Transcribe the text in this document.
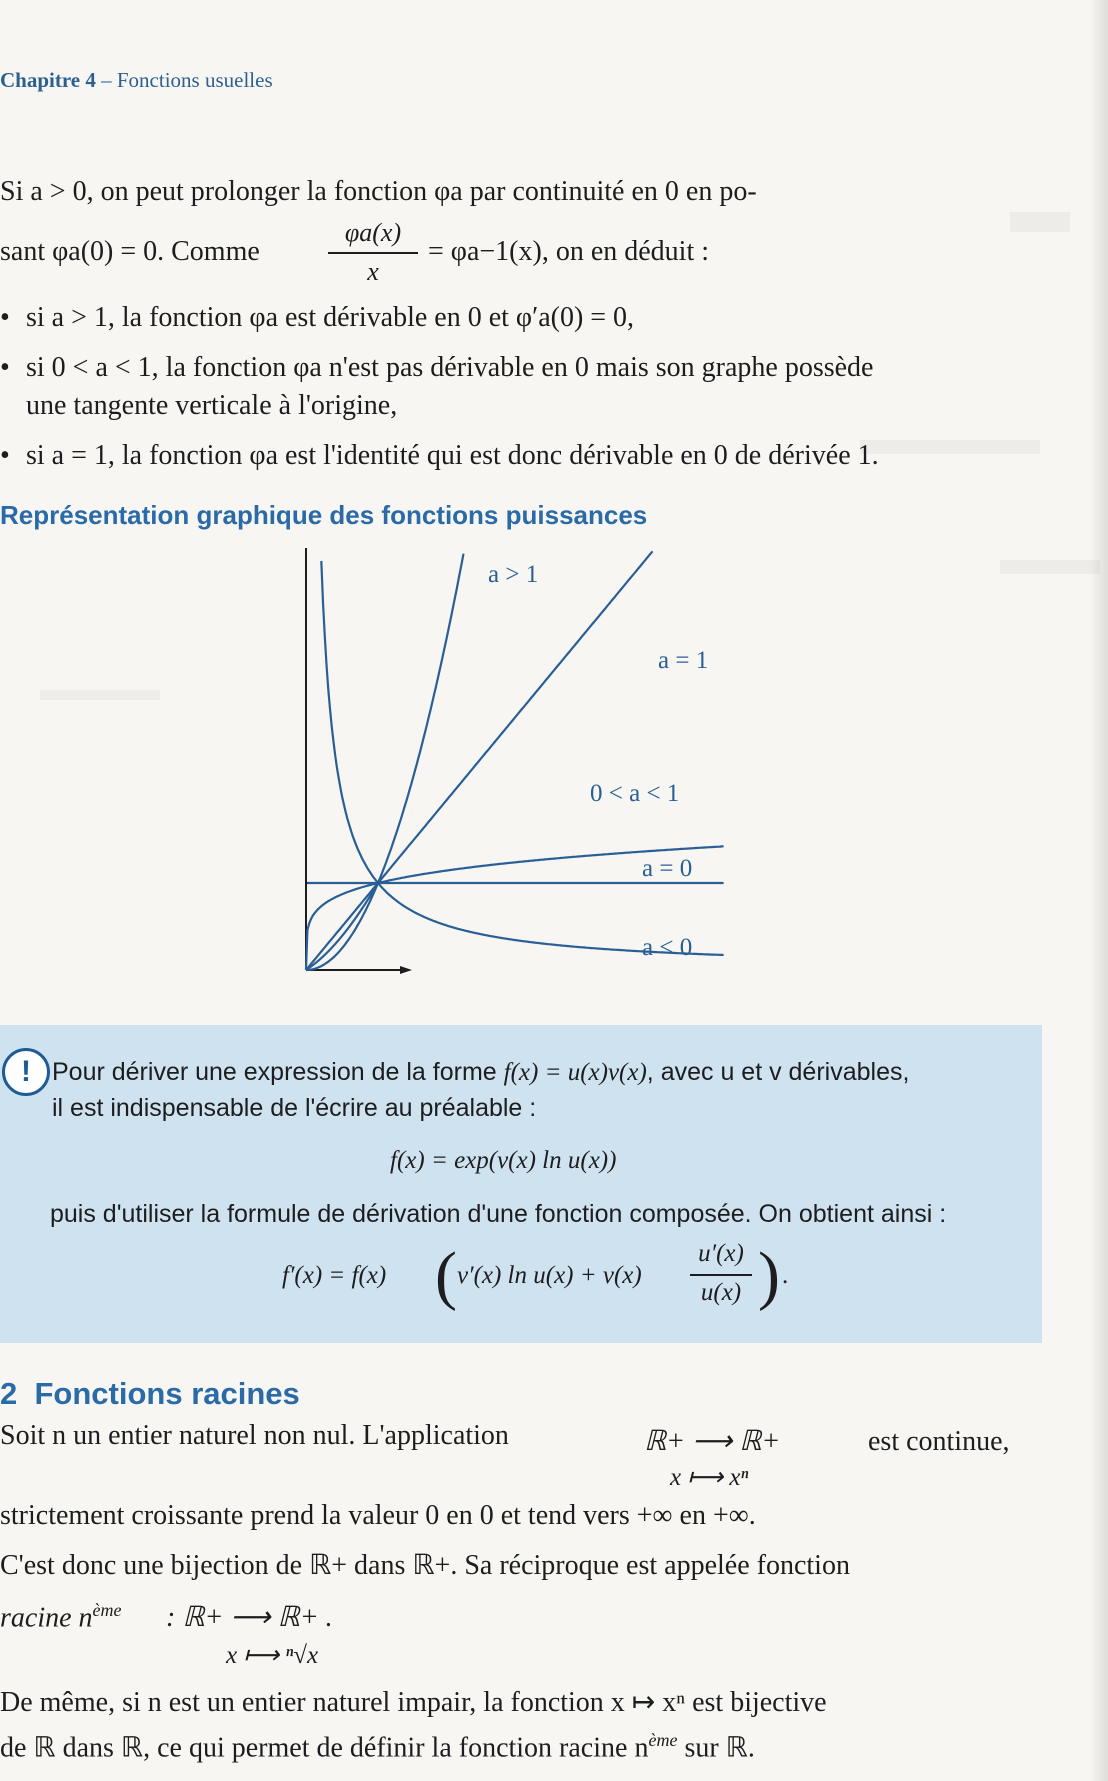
Chapitre 4 – Fonctions usuelles
Si a > 0, on peut prolonger la fonction φa par continuité en 0 en po-
sant φa(0) = 0. Comme
φa(x)
x
= φa−1(x), on en déduit :
• si a > 1, la fonction φa est dérivable en 0 et φ′a(0) = 0,
• si 0 < a < 1, la fonction φa n'est pas dérivable en 0 mais son graphe possède
une tangente verticale à l'origine,
• si a = 1, la fonction φa est l'identité qui est donc dérivable en 0 de dérivée 1.
Représentation graphique des fonctions puissances
a > 1
a = 1
0 < a < 1
a = 0
a < 0
! Pour dériver une expression de la forme f(x) = u(x)v(x), avec u et v dérivables,
il est indispensable de l'écrire au préalable :
f(x) = exp(v(x) ln u(x))
puis d'utiliser la formule de dérivation d'une fonction composée. On obtient ainsi :
f′(x) = f(x) ( v′(x) ln u(x) + v(x)
u′(x)
u(x) ) .
2 Fonctions racines
Soit n un entier naturel non nul. L'application	ℝ+ ⟶ ℝ+
x ⟼ xⁿ
est continue,
strictement croissante prend la valeur 0 en 0 et tend vers +∞ en +∞.
C'est donc une bijection de ℝ+ dans ℝ+. Sa réciproque est appelée fonction
racine $n^{ème}$ : ℝ+ ⟶ ℝ+ .
x ⟼ ⁿ√x
De même, si n est un entier naturel impair, la fonction x ↦ xⁿ est bijective
de ℝ dans ℝ, ce qui permet de définir la fonction racine $n^{ème}$ sur ℝ.
